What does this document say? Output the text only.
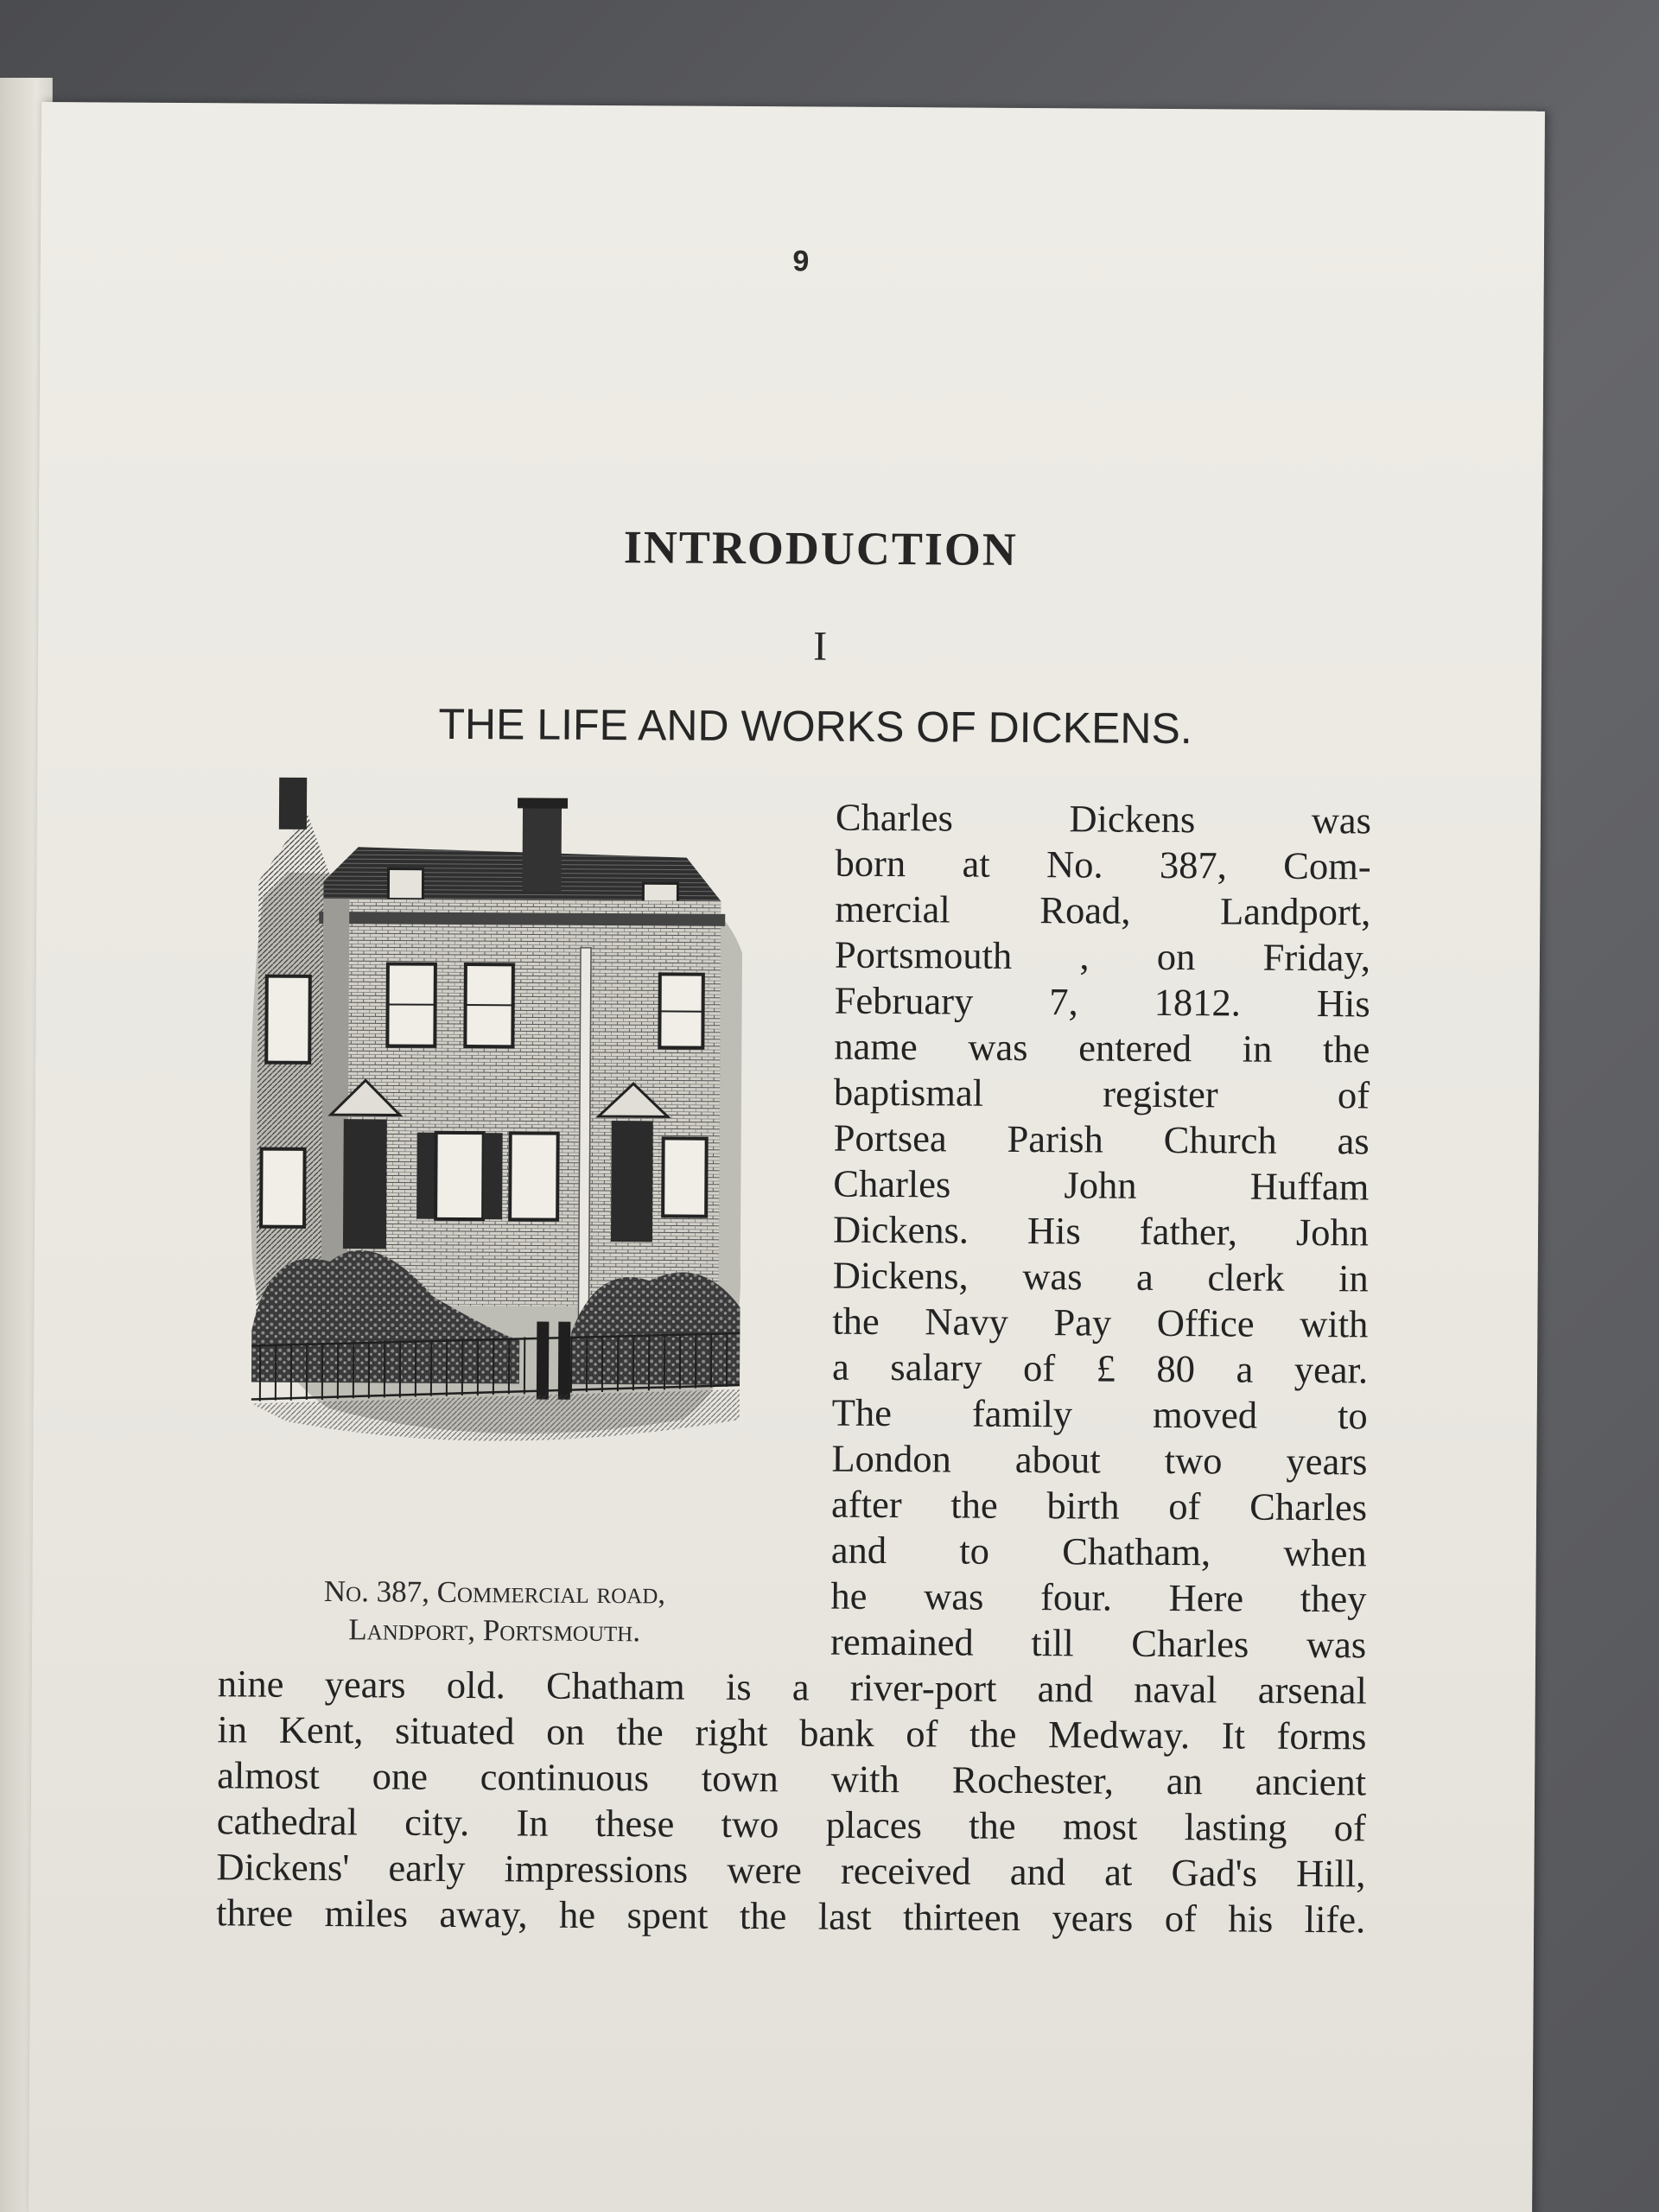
9
INTRODUCTION
I
THE LIFE AND WORKS OF DICKENS.
No. 387, Commercial road,
Landport, Portsmouth.
Charles Dickens was
born at No. 387, Com-
mercial Road, Landport,
Portsmouth , on Friday,
February 7, 1812. His
name was entered in the
baptismal register of
Portsea Parish Church as
Charles John Huffam
Dickens. His father, John
Dickens, was a clerk in
the Navy Pay Office with
a salary of £ 80 a year.
The family moved to
London about two years
after the birth of Charles
and to Chatham, when
he was four. Here they
remained till Charles was
nine years old. Chatham is a river-port and naval arsenal
in Kent, situated on the right bank of the Medway. It forms
almost one continuous town with Rochester, an ancient
cathedral city. In these two places the most lasting of
Dickens' early impressions were received and at Gad's Hill,
three miles away, he spent the last thirteen years of his life.
